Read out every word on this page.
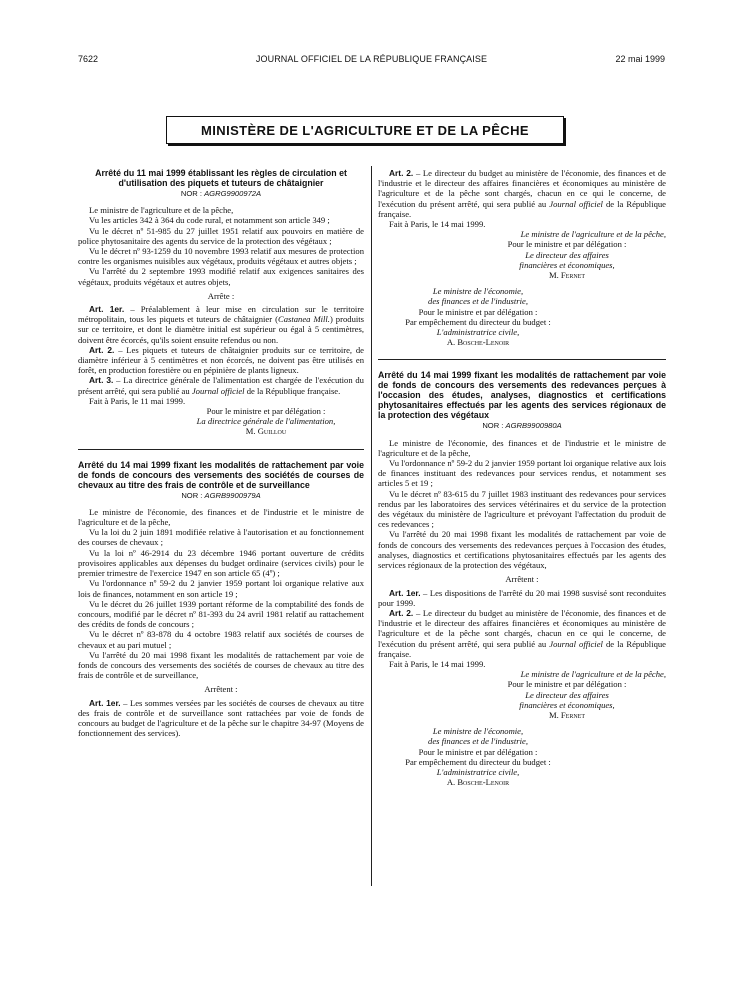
7622	JOURNAL OFFICIEL DE LA RÉPUBLIQUE FRANÇAISE	22 mai 1999
MINISTÈRE DE L'AGRICULTURE ET DE LA PÊCHE
Arrêté du 11 mai 1999 établissant les règles de circulation et d'utilisation des piquets et tuteurs de châtaignier
NOR : AGRG9900972A

Le ministre de l'agriculture et de la pêche,

Vu les articles 342 à 364 du code rural, et notamment son article 349 ;

Vu le décret nº 51-985 du 27 juillet 1951 relatif aux pouvoirs en matière de police phytosanitaire des agents du service de la protection des végétaux ;

Vu le décret nº 93-1259 du 10 novembre 1993 relatif aux mesures de protection contre les organismes nuisibles aux végétaux, produits végétaux et autres objets ;

Vu l'arrêté du 2 septembre 1993 modifié relatif aux exigences sanitaires des végétaux, produits végétaux et autres objets,

Arrête :

Art. 1er. – Préalablement à leur mise en circulation sur le territoire métropolitain, tous les piquets et tuteurs de châtaignier (Castanea Mill.) produits sur ce territoire, et dont le diamètre initial est supérieur ou égal à 5 centimètres, doivent être écorcés, qu'ils soient ensuite refendus ou non.

Art. 2. – Les piquets et tuteurs de châtaignier produits sur ce territoire, de diamètre inférieur à 5 centimètres et non écorcés, ne doivent pas être utilisés en forêt, en production forestière ou en pépinière de plants ligneux.

Art. 3. – La directrice générale de l'alimentation est chargée de l'exécution du présent arrêté, qui sera publié au Journal officiel de la République française.

Fait à Paris, le 11 mai 1999.

Pour le ministre et par délégation :

La directrice générale de l'alimentation,

M. Guillou

Arrêté du 14 mai 1999 fixant les modalités de rattachement par voie de fonds de concours des versements des sociétés de courses de chevaux au titre des frais de contrôle et de surveillance
NOR : AGRB9900979A

Le ministre de l'économie, des finances et de l'industrie et le ministre de l'agriculture et de la pêche,

Vu la loi du 2 juin 1891 modifiée relative à l'autorisation et au fonctionnement des courses de chevaux ;

Vu la loi nº 46-2914 du 23 décembre 1946 portant ouverture de crédits provisoires applicables aux dépenses du budget ordinaire (services civils) pour le premier trimestre de l'exercice 1947 en son article 65 (4º) ;

Vu l'ordonnance nº 59-2 du 2 janvier 1959 portant loi organique relative aux lois de finances, notamment en son article 19 ;

Vu le décret du 26 juillet 1939 portant réforme de la comptabilité des fonds de concours, modifié par le décret nº 81-393 du 24 avril 1981 relatif au rattachement des crédits de fonds de concours ;

Vu le décret nº 83-878 du 4 octobre 1983 relatif aux sociétés de courses de chevaux et au pari mutuel ;

Vu l'arrêté du 20 mai 1998 fixant les modalités de rattachement par voie de fonds de concours des versements des sociétés de courses de chevaux au titre des frais de contrôle et de surveillance,

Arrêtent :

Art. 1er. – Les sommes versées par les sociétés de courses de chevaux au titre des frais de contrôle et de surveillance sont rattachées par voie de fonds de concours au budget de l'agriculture et de la pêche sur le chapitre 34-97 (Moyens de fonctionnement des services).

Art. 2. – Le directeur du budget au ministère de l'économie, des finances et de l'industrie et le directeur des affaires financières et économiques au ministère de l'agriculture et de la pêche sont chargés, chacun en ce qui le concerne, de l'exécution du présent arrêté, qui sera publié au Journal officiel de la République française.

Fait à Paris, le 14 mai 1999.

Le ministre de l'agriculture et de la pêche,

Pour le ministre et par délégation :

Le directeur des affaires

financières et économiques,

M. Fernet

Le ministre de l'économie,

des finances et de l'industrie,

Pour le ministre et par délégation :

Par empêchement du directeur du budget :

L'administratrice civile,

A. Bosche-Lenoir

Arrêté du 14 mai 1999 fixant les modalités de rattachement par voie de fonds de concours des versements des redevances perçues à l'occasion des études, analyses, diagnostics et certifications phytosanitaires effectués par les agents des services régionaux de la protection des végétaux
NOR : AGRB9900980A

Le ministre de l'économie, des finances et de l'industrie et le ministre de l'agriculture et de la pêche,

Vu l'ordonnance nº 59-2 du 2 janvier 1959 portant loi organique relative aux lois de finances instituant des redevances pour services rendus, et notamment ses articles 5 et 19 ;

Vu le décret nº 83-615 du 7 juillet 1983 instituant des redevances pour services rendus par les laboratoires des services vétérinaires et du service de la protection des végétaux du ministère de l'agriculture et prévoyant l'affectation du produit de ces redevances ;

Vu l'arrêté du 20 mai 1998 fixant les modalités de rattachement par voie de fonds de concours des versements des redevances perçues à l'occasion des études, analyses, diagnostics et certifications phytosanitaires effectués par les agents des services régionaux de la protection des végétaux,

Arrêtent :

Art. 1er. – Les dispositions de l'arrêté du 20 mai 1998 susvisé sont reconduites pour 1999.

Art. 2. – Le directeur du budget au ministère de l'économie, des finances et de l'industrie et le directeur des affaires financières et économiques au ministère de l'agriculture et de la pêche sont chargés, chacun en ce qui le concerne, de l'exécution du présent arrêté, qui sera publié au Journal officiel de la République française.

Fait à Paris, le 14 mai 1999.

Le ministre de l'agriculture et de la pêche,

Pour le ministre et par délégation :

Le directeur des affaires

financières et économiques,

M. Fernet

Le ministre de l'économie,

des finances et de l'industrie,

Pour le ministre et par délégation :

Par empêchement du directeur du budget :

L'administratrice civile,

A. Bosche-Lenoir
